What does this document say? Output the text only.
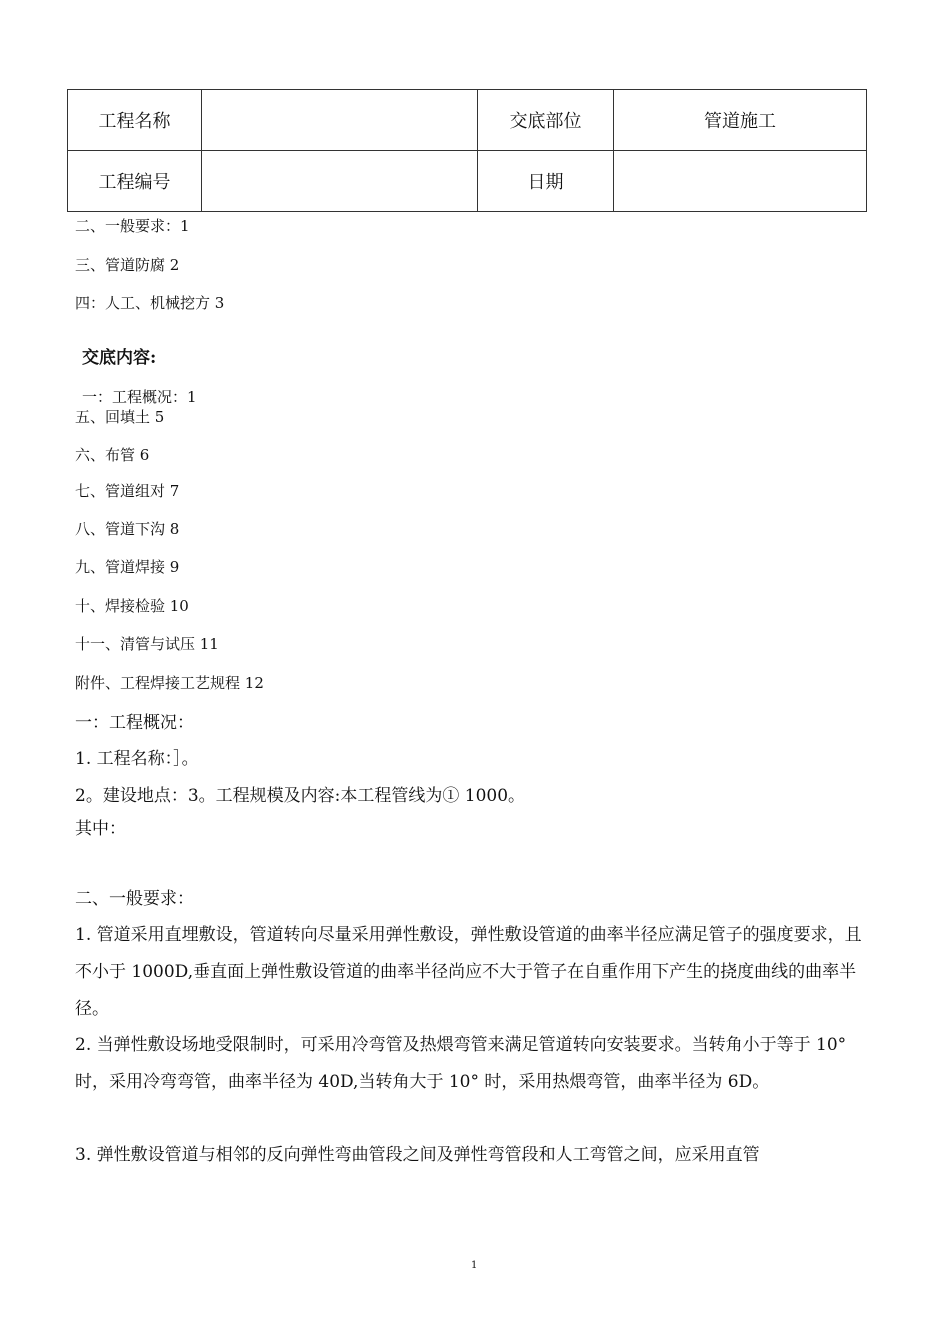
工程名称		交底部位	管道施工
工程编号		日期	
二、一般要求：1
三、管道防腐 2
四：人工、机械挖方 3
交底内容:
一：工程概况：1
五、回填土 5
六、布管 6
七、管道组对 7
八、管道下沟 8
九、管道焊接 9
十、焊接检验 10
十一、清管与试压 11
附件、工程焊接工艺规程 12
一：工程概况：
1. 工程名称：］。
2。建设地点：3。工程规模及内容:本工程管线为① 1000。
其中：
二、一般要求：
1. 管道采用直埋敷设，管道转向尽量采用弹性敷设，弹性敷设管道的曲率半径应满足管子的强度要求，且不小于 1000D,垂直面上弹性敷设管道的曲率半径尚应不大于管子在自重作用下产生的挠度曲线的曲率半径。
2. 当弹性敷设场地受限制时，可采用冷弯管及热煨弯管来满足管道转向安装要求。当转角小于等于 10° 时，采用冷弯弯管，曲率半径为 40D,当转角大于 10° 时，采用热煨弯管，曲率半径为 6D。
3. 弹性敷设管道与相邻的反向弹性弯曲管段之间及弹性弯管段和人工弯管之间，应采用直管
1
